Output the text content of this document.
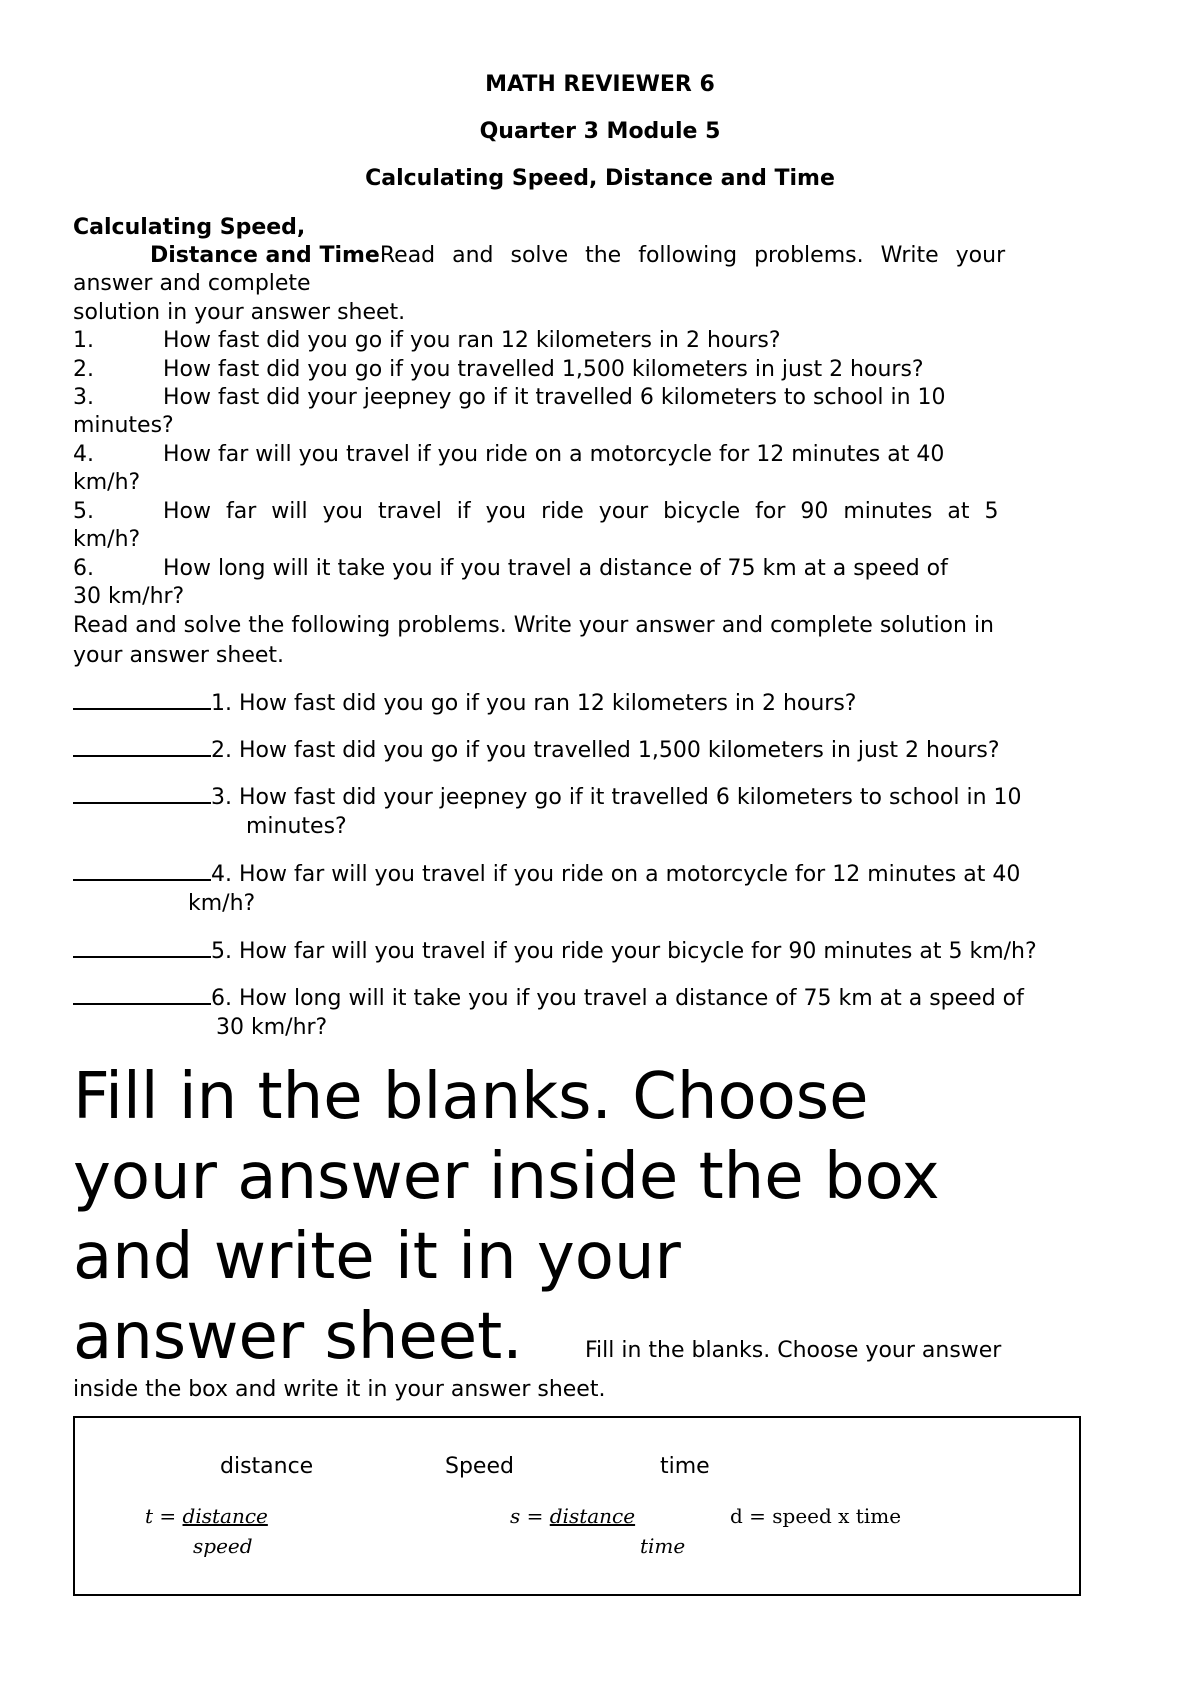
MATH REVIEWER 6
Quarter 3 Module 5
Calculating Speed, Distance and Time
Calculating Speed,
Distance and TimeRead and solve the following problems. Write your
answer and complete
solution in your answer sheet.
1.	How fast did you go if you ran 12 kilometers in 2 hours?
2.	How fast did you go if you travelled 1,500 kilometers in just 2 hours?
3.	How fast did your jeepney go if it travelled 6 kilometers to school in 10
minutes?
4.	How far will you travel if you ride on a motorcycle for 12 minutes at 40
km/h?
5.	How far will you travel if you ride your bicycle for 90 minutes at 5
km/h?
6.	How long will it take you if you travel a distance of 75 km at a speed of
30 km/hr?
Read and solve the following problems. Write your answer and complete solution in
your answer sheet.
1. How fast did you go if you ran 12 kilometers in 2 hours?
2. How fast did you go if you travelled 1,500 kilometers in just 2 hours?
3. How fast did your jeepney go if it travelled 6 kilometers to school in 10
minutes?
4. How far will you travel if you ride on a motorcycle for 12 minutes at 40
km/h?
5. How far will you travel if you ride your bicycle for 90 minutes at 5 km/h?
6. How long will it take you if you travel a distance of 75 km at a speed of
30 km/hr?
Fill in the blanks. Choose
your answer inside the box
and write it in your
answer sheet.	Fill in the blanks. Choose your answer
inside the box and write it in your answer sheet.
distance	Speed	time
t = distance
speed
s = distance
time
d = speed x time
